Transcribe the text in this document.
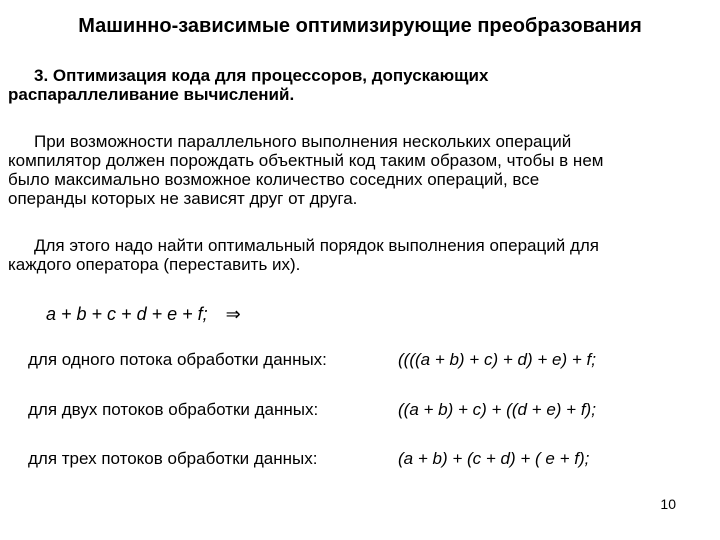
Машинно-зависимые оптимизирующие преобразования
3. Оптимизация кода для процессоров, допускающих
распараллеливание вычислений.
При возможности параллельного выполнения нескольких операций
компилятор должен порождать объектный код таким образом, чтобы в нем
было максимально возможное количество соседних операций, все
операнды которых не зависят друг от друга.
Для этого надо найти оптимальный порядок выполнения операций для
каждого оператора (переставить их).
a + b + c + d + e + f; ⇒
для одного потока обработки данных:	((((a + b) + c) + d) + e) + f;
для двух потоков обработки данных:	((a + b) + c) + ((d + e) + f);
для трех потоков обработки данных:	(a + b) + (c + d) + ( e + f);
10
